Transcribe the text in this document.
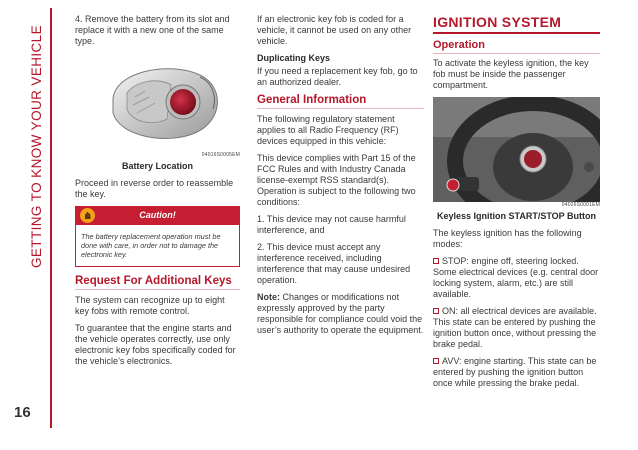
GETTING TO KNOW YOUR VEHICLE
16

4. Remove the battery from its slot and replace it with a new one of the same type.

04016S0005EM
Battery Location

Proceed in reverse order to reassemble the key.

Caution!
The battery replacement operation must be done with care, in order not to damage the electronic key.
Request For Additional Keys

The system can recognize up to eight key fobs with remote control.

To guarantee that the engine starts and the vehicle operates correctly, use only electronic key fobs specifically coded for the vehicle’s electronics.

If an electronic key fob is coded for a vehicle, it cannot be used on any other vehicle.

Duplicating Keys

If you need a replacement key fob, go to an authorized dealer.

General Information

The following regulatory statement applies to all Radio Frequency (RF) devices equipped in this vehicle:

This device complies with Part 15 of the FCC Rules and with Industry Canada license-exempt RSS standard(s). Operation is subject to the following two conditions:

1. This device may not cause harmful interference, and

2. This device must accept any interference received, including interference that may cause undesired operation.

Note: Changes or modifications not expressly approved by the party responsible for compliance could void the user’s authority to operate the equipment.

IGNITION SYSTEM
Operation

To activate the keyless ignition, the key fob must be inside the passenger compartment.

04026S0001EM
Keyless Ignition START/STOP Button

The keyless ignition has the following modes:

STOP: engine off, steering locked. Some electrical devices (e.g. central door locking system, alarm, etc.) are still available.

ON: all electrical devices are available. This state can be entered by pushing the ignition button once, without pressing the brake pedal.

AVV: engine starting. This state can be entered by pushing the ignition button once while pressing the brake pedal.
